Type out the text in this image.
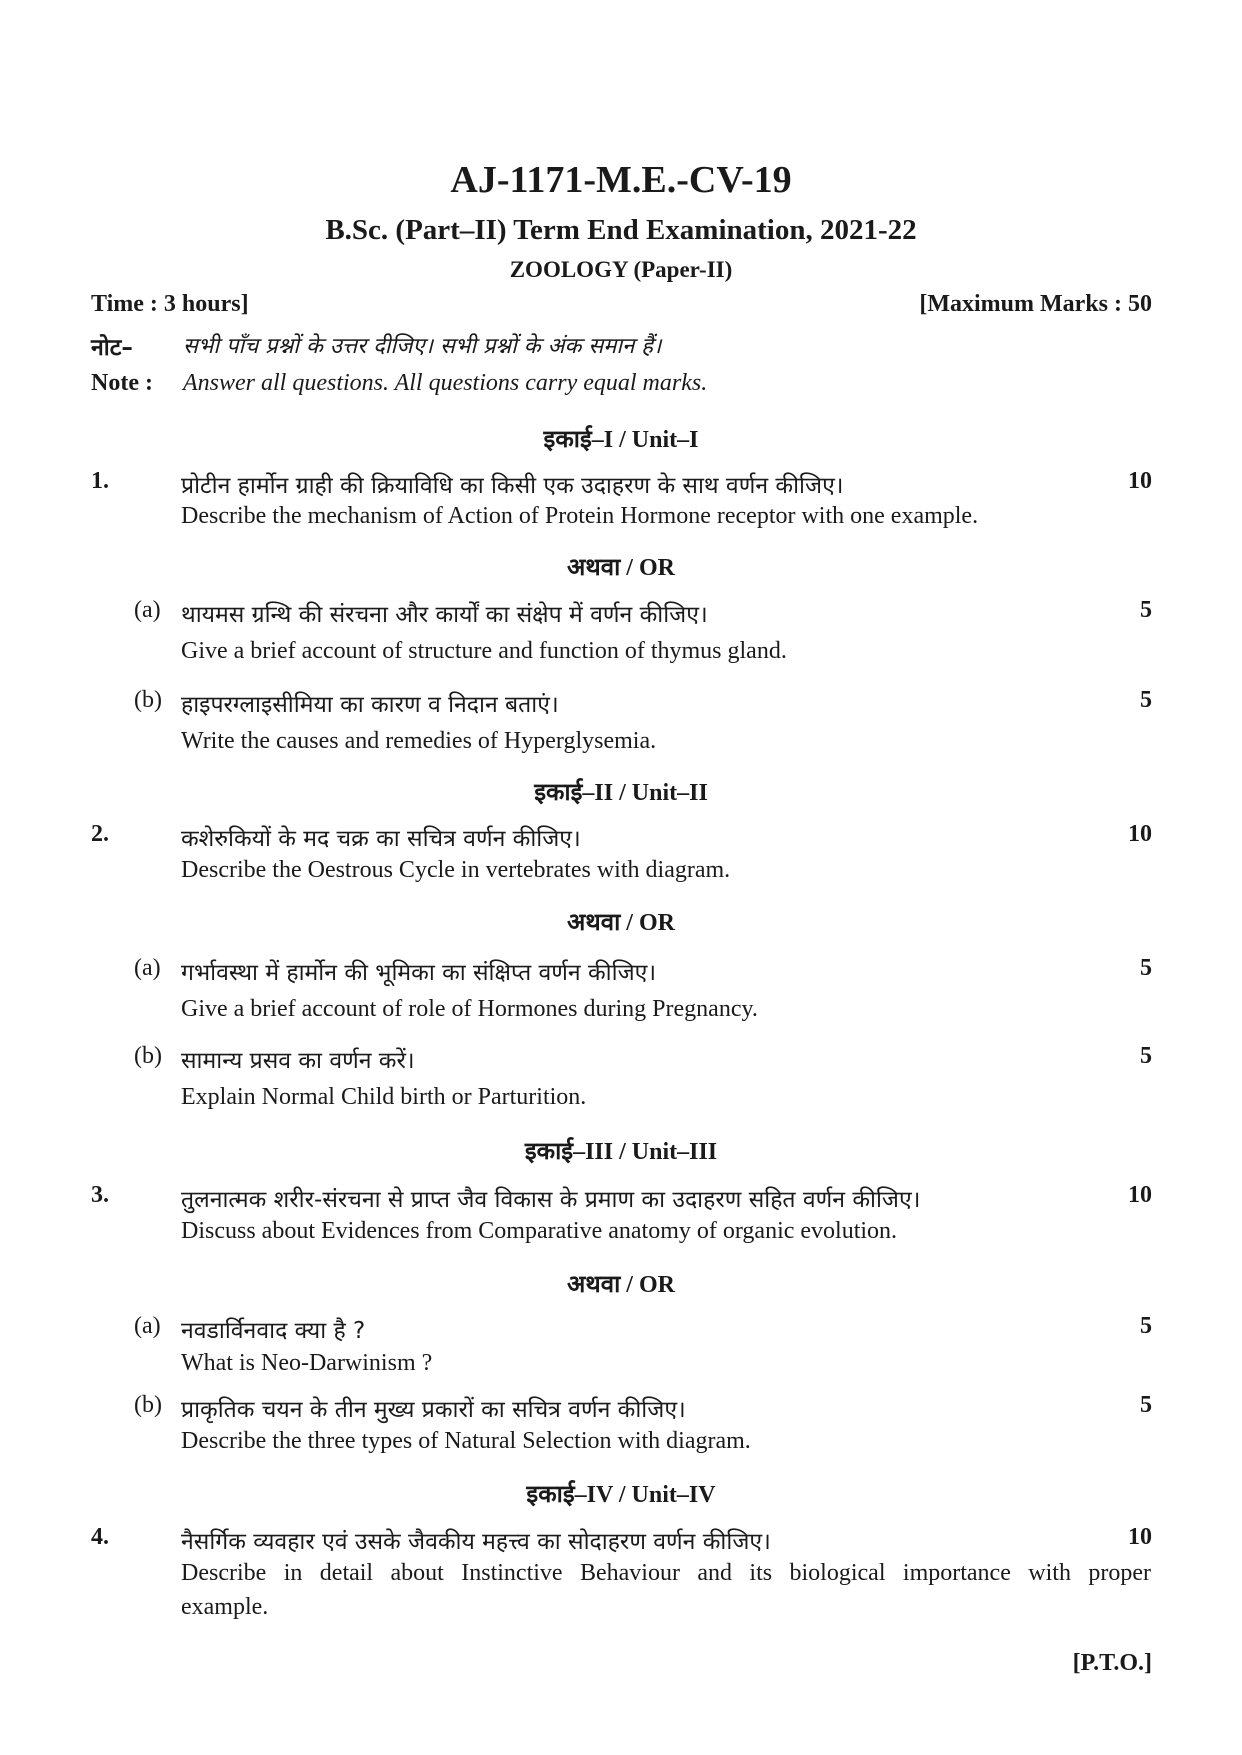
AJ-1171-M.E.-CV-19
B.Sc. (Part–II) Term End Examination, 2021-22
ZOOLOGY (Paper-II)
Time : 3 hours]	[Maximum Marks : 50
नोट– सभी पाँच प्रश्नों के उत्तर दीजिए। सभी प्रश्नों के अंक समान हैं।
Note : Answer all questions. All questions carry equal marks.
इकाई–I / Unit–I
1.	प्रोटीन हार्मोन ग्राही की क्रियाविधि का किसी एक उदाहरण के साथ वर्णन कीजिए।	10
Describe the mechanism of Action of Protein Hormone receptor with one example.
अथवा / OR
(a) थायमस ग्रन्थि की संरचना और कार्यों का संक्षेप में वर्णन कीजिए।	5
Give a brief account of structure and function of thymus gland.
(b) हाइपरग्लाइसीमिया का कारण व निदान बताएं।	5
Write the causes and remedies of Hyperglysemia.
इकाई–II / Unit–II
2.	कशेरुकियों के मद चक्र का सचित्र वर्णन कीजिए।	10
Describe the Oestrous Cycle in vertebrates with diagram.
अथवा / OR
(a) गर्भावस्था में हार्मोन की भूमिका का संक्षिप्त वर्णन कीजिए।	5
Give a brief account of role of Hormones during Pregnancy.
(b) सामान्य प्रसव का वर्णन करें।	5
Explain Normal Child birth or Parturition.
इकाई–III / Unit–III
3.	तुलनात्मक शरीर-संरचना से प्राप्त जैव विकास के प्रमाण का उदाहरण सहित वर्णन कीजिए।	10
Discuss about Evidences from Comparative anatomy of organic evolution.
अथवा / OR
(a) नवडार्विनवाद क्या है ?	5
What is Neo-Darwinism ?
(b) प्राकृतिक चयन के तीन मुख्य प्रकारों का सचित्र वर्णन कीजिए।	5
Describe the three types of Natural Selection with diagram.
इकाई–IV / Unit–IV
4.	नैसर्गिक व्यवहार एवं उसके जैवकीय महत्त्व का सोदाहरण वर्णन कीजिए।	10
Describe in detail about Instinctive Behaviour and its biological importance with proper
example.
[P.T.O.]
